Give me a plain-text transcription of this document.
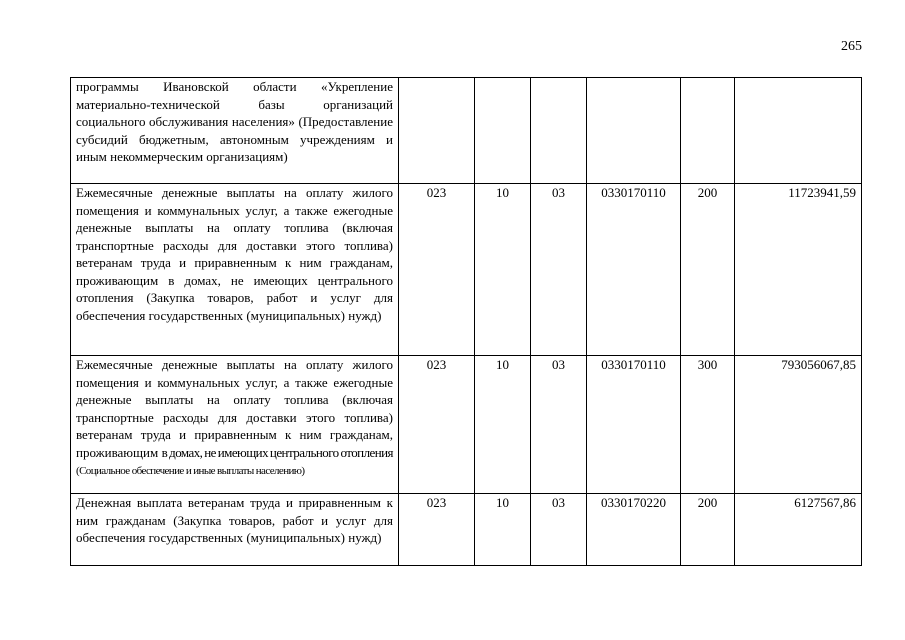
265
программы Ивановской области «Укрепление материально-технической базы организаций социального обслуживания населения» (Предоставление субсидий бюджетным, автономным учреждениям и иным некоммерческим организациям)						
Ежемесячные денежные выплаты на оплату жилого помещения и коммунальных услуг, а также ежегодные денежные выплаты на оплату топлива (включая транспортные расходы для доставки этого топлива) ветеранам труда и приравненным к ним гражданам, проживающим в домах, не имеющих центрального отопления (Закупка товаров, работ и услуг для обеспечения государственных (муниципальных) нужд)	023	10	03	0330170110	200	11723941,59
Ежемесячные денежные выплаты на оплату жилого помещения и коммунальных услуг, а также ежегодные денежные выплаты на оплату топлива (включая транспортные расходы для доставки этого топлива) ветеранам труда и приравненным к ним гражданам, проживающим в домах, не имеющих центрального отопления (Социальное обеспечение и иные выплаты населению)	023	10	03	0330170110	300	793056067,85
Денежная выплата ветеранам труда и приравненным к ним гражданам (Закупка товаров, работ и услуг для обеспечения государственных (муниципальных) нужд)	023	10	03	0330170220	200	6127567,86
